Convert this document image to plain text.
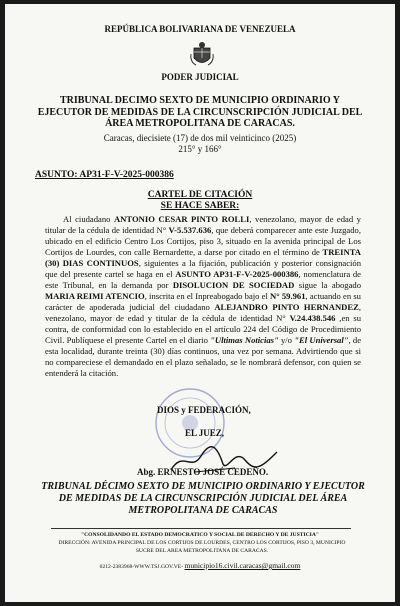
REPÚBLICA BOLIVARIANA DE VENEZUELA
PODER JUDICIAL
TRIBUNAL DECIMO SEXTO DE MUNICIPIO ORDINARIO Y EJECUTOR DE MEDIDAS DE LA CIRCUNSCRIPCIÓN JUDICIAL DEL ÁREA METROPOLITANA DE CARACAS.
Caracas, diecisiete (17) de dos mil veinticinco (2025)
215° y 166°
ASUNTO: AP31-F-V-2025-000386
CARTEL DE CITACIÓN
SE HACE SABER:

Al ciudadano ANTONIO CESAR PINTO ROLLI, venezolano, mayor de edad y titular de la cédula de identidad N° V-5.537.636, que deberá comparecer ante este Juzgado, ubicado en el edificio Centro Los Cortijos, piso 3, situado en la avenida principal de Los Cortijos de Lourdes, con calle Bernardette, a darse por citado en el término de TREINTA (30) DIAS CONTINUOS, siguientes a la fijación, publicación y posterior consignación que del presente cartel se haga en el ASUNTO AP31-F-V-2025-000386, nomenclatura de este Tribunal, en la demanda por DISOLUCION DE SOCIEDAD sigue la abogado MARIA REIMI ATENCIO, inscrita en el Inpreabogado bajo el N° 59.961, actuando en su carácter de apoderada judicial del ciudadano ALEJANDRO PINTO HERNANDEZ, venezolano, mayor de edad y titular de la cédula de identidad N° V.24.438.546 ,en su contra, de conformidad con lo establecido en el artículo 224 del Código de Procedimiento Civil. Publíquese el presente Cartel en el diario "Ultimas Noticias" y/o "El Universal", de esta localidad, durante treinta (30) días continuos, una vez por semana. Advirtiendo que si no compareciese el demandado en el plazo señalado, se le nombrará defensor, con quien se entenderá la citación.

DIOS y FEDERACIÓN,
EL JUEZ,
Abg. ERNESTO JOSÉ CEDEÑO.
TRIBUNAL DÉCIMO SEXTO DE MUNICIPIO ORDINARIO Y EJECUTOR DE MEDIDAS DE LA CIRCUNSCRIPCIÓN JUDICIAL DEL ÁREA METROPOLITANA DE CARACAS
"CONSOLIDANDO EL ESTADO DEMOCRATICO Y SOCIAL DE DERECHO Y DE JUSTICIA"
DIRECCIÓN: AVENIDA PRINCIPAL DE LOS CORTIJOS DE LOURDES, CENTRO LOS CORTIJOS, PISO 3, MUNICIPIO SUCRE DEL AREA METROPOLITANA DE CARACAS.
0212-2383968-WWW.TSJ.GOV.VE- municipio16.civil.caracas@gmail.com
